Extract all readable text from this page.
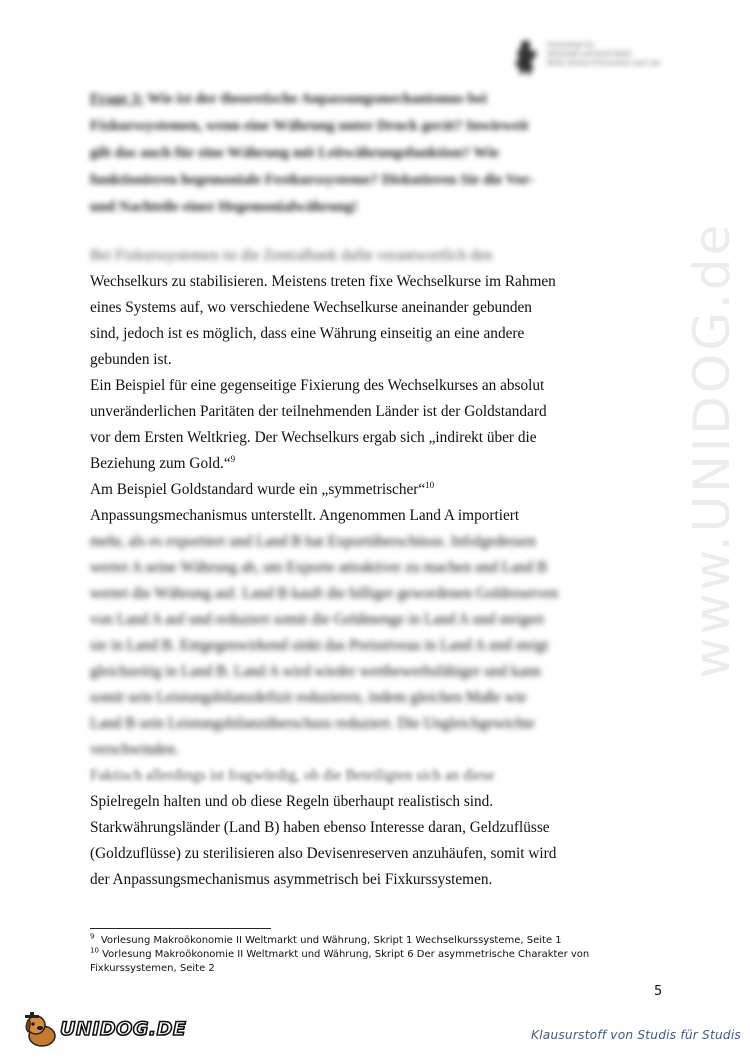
www.UNIDOG.de
Hochschule für
Wirtschaft und Recht Berlin
Berlin School of Economics and Law
Frage 3: Wie ist der theoretische Anpassungsmechanismus bei Fixkurssystemen, wenn eine Währung unter Druck gerät? Inwieweit gilt das auch für eine Währung mit Leitwährungsfunktion? Wie funktionieren hegemoniale Festkurssysteme? Diskutieren Sie die Vor- und Nachteile einer Hegemonialwährung!

Bei Fixkurssystemen ist die Zentralbank dafür verantwortlich den

Wechselkurs zu stabilisieren. Meistens treten fixe Wechselkurse im Rahmen eines Systems auf, wo verschiedene Wechselkurse aneinander gebunden sind, jedoch ist es möglich, dass eine Währung einseitig an eine andere gebunden ist.

Ein Beispiel für eine gegenseitige Fixierung des Wechselkurses an absolut unveränderlichen Paritäten der teilnehmenden Länder ist der Goldstandard vor dem Ersten Weltkrieg. Der Wechselkurs ergab sich „indirekt über die Beziehung zum Gold.“$^9$

Am Beispiel Goldstandard wurde ein „symmetrischer“$^{10}$
Anpassungsmechanismus unterstellt. Angenommen Land A importiert

mehr, als es exportiert und Land B hat Exportüberschüsse. Infolgedessen wertet A seine Währung ab, um Exporte attraktiver zu machen und Land B wertet die Währung auf. Land B kauft die billiger gewordenen Goldreserven von Land A auf und reduziert somit die Geldmenge in Land A und steigert sie in Land B. Entgegenwirkend sinkt das Preisniveau in Land A und steigt gleichzeitig in Land B. Land A wird wieder wettbewerbsfähiger und kann somit sein Leistungsbilanzdefizit reduzieren, indem gleichen Maße wie Land B sein Leistungsbilanzüberschuss reduziert. Die Ungleichgewichte verschwinden.

Faktisch allerdings ist fragwürdig, ob die Beteiligten sich an diese

Spielregeln halten und ob diese Regeln überhaupt realistisch sind. Starkwährungsländer (Land B) haben ebenso Interesse daran, Geldzuflüsse (Goldzuflüsse) zu sterilisieren also Devisenreserven anzuhäufen, somit wird der Anpassungsmechanismus asymmetrisch bei Fixkurssystemen.

$^9$ Vorlesung Makroökonomie II Weltmarkt und Währung, Skript 1 Wechselkurssysteme, Seite 1

$^{10}$ Vorlesung Makroökonomie II Weltmarkt und Währung, Skript 6 Der asymmetrische Charakter von Fixkurssystemen, Seite 2

5
UNIDOG.DE	Klausurstoff von Studis für Studis
